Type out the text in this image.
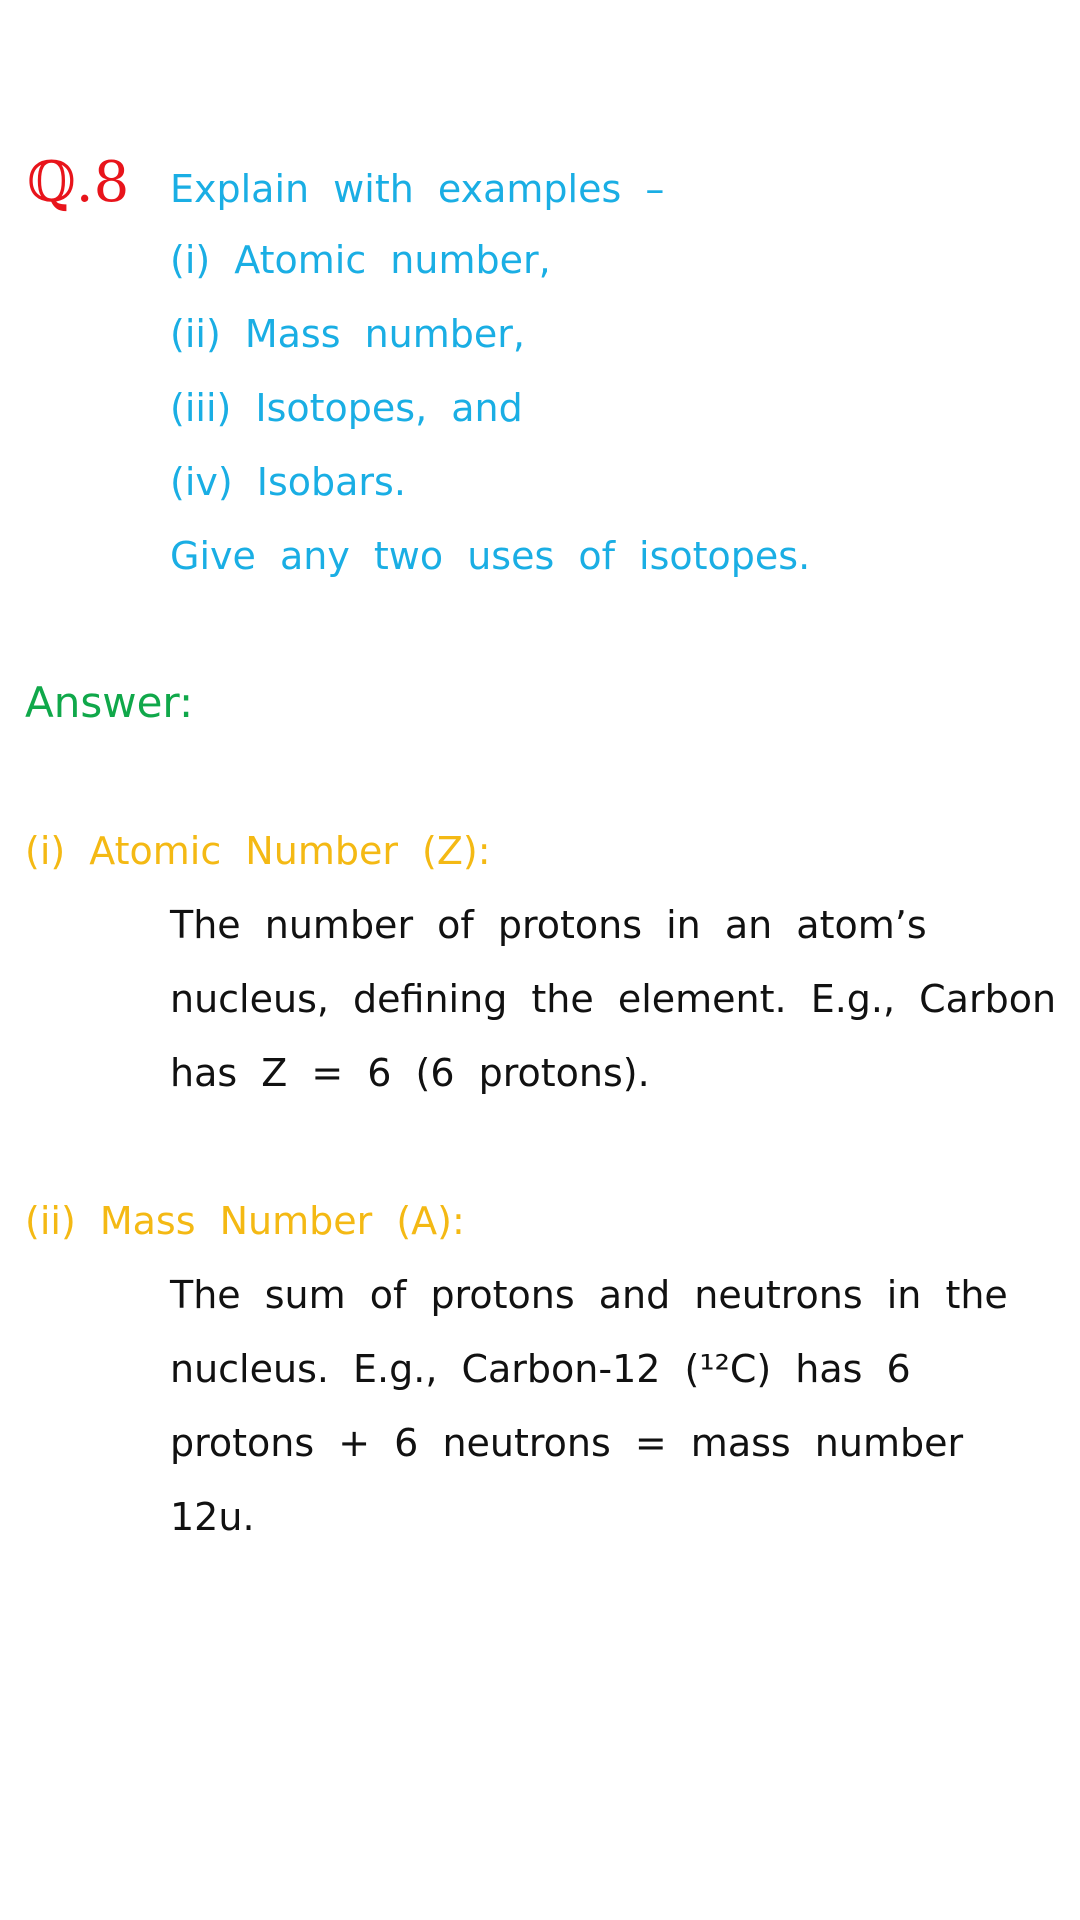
ℚ.8 Explain with examples –
(i) Atomic number,
(ii) Mass number,
(iii) Isotopes, and
(iv) Isobars.
Give any two uses of isotopes.
Answer:
(i) Atomic Number (Z):
The number of protons in an atom’s
nucleus, defining the element. E.g., Carbon
has Z = 6 (6 protons).
(ii) Mass Number (A):
The sum of protons and neutrons in the
nucleus. E.g., Carbon-12 (¹²C) has 6
protons + 6 neutrons = mass number
12u.
